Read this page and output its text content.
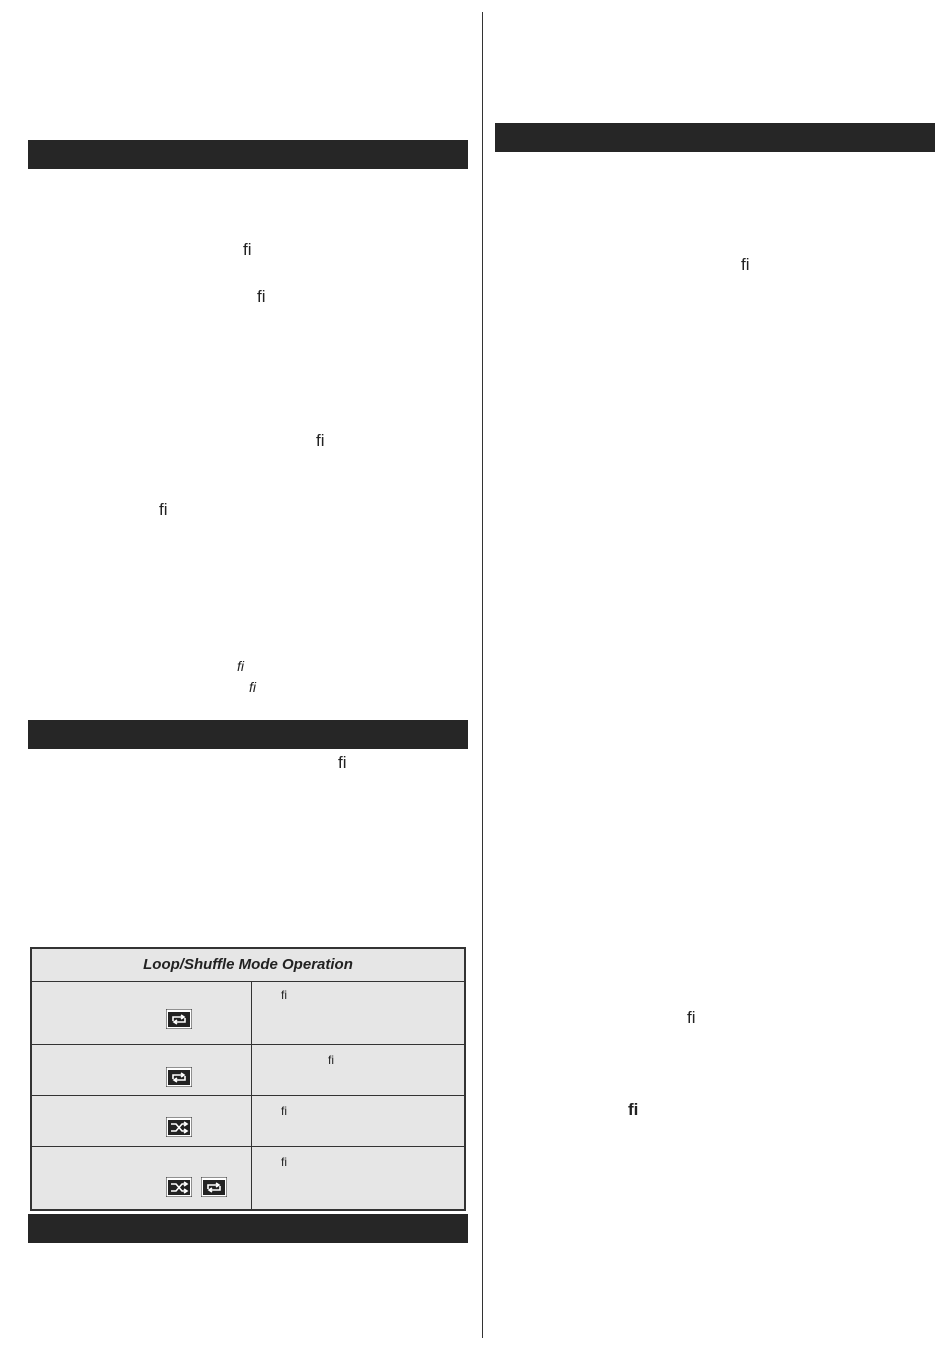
fi
fi
fi
fi
fi
fi
fi
Loop/Shuffle Mode Operation
fi
fi
fi
fi
fi
fi
fi
